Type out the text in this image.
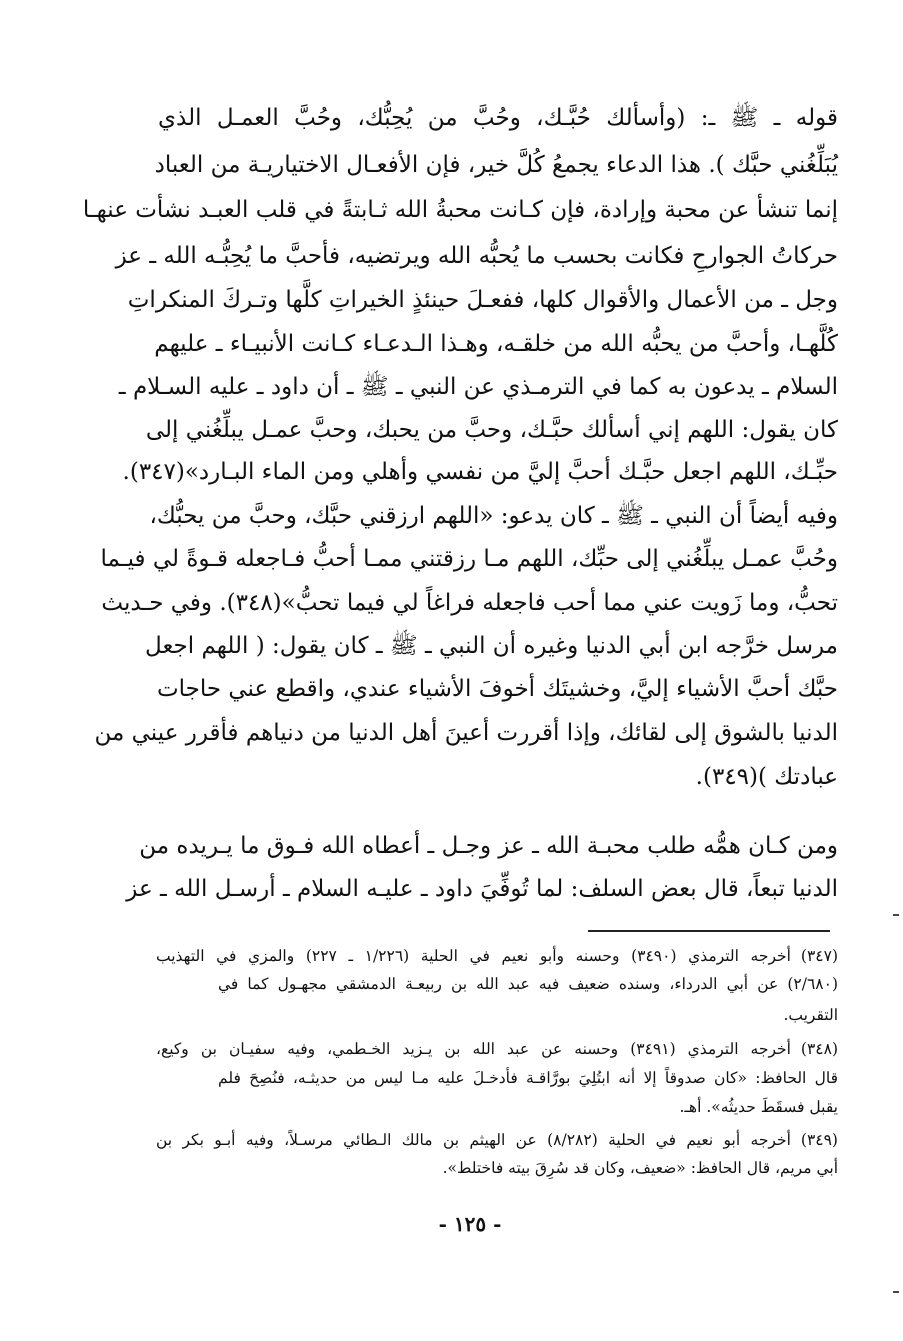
قوله ـ ﷺ ـ: (وأسألك حُبَّـك، وحُبَّ من يُحِبُّك، وحُبَّ العمـل الذي
يُبَلِّغُني حبَّك ). هذا الدعاء يجمعُ كُلَّ خير، فإن الأفعـال الاختياريـة من العباد
إنما تنشأ عن محبة وإرادة، فإن كـانت محبةُ الله ثـابتةً في قلب العبـد نشأت عنهـا
حركاتُ الجوارحِ فكانت بحسب ما يُحبُّه الله ويرتضيه، فأحبَّ ما يُحِبُّـه الله ـ عز
وجل ـ من الأعمال والأقوال كلها، ففعـلَ حينئذٍ الخيراتِ كلَّها وتـركَ المنكراتِ
كُلَّهـا، وأحبَّ من يحبُّه الله من خلقـه، وهـذا الـدعـاء كـانت الأنبيـاء ـ عليهم
السلام ـ يدعون به كما في الترمـذي عن النبي ـ ﷺ ـ أن داود ـ عليه السـلام ـ
كان يقول: اللهم إني أسألك حبَّـك، وحبَّ من يحبك، وحبَّ عمـل يبلِّغُني إلى
حبِّـك، اللهم اجعل حبَّـك أحبَّ إليَّ من نفسي وأهلي ومن الماء البـارد»(٣٤٧).
وفيه أيضاً أن النبي ـ ﷺ ـ كان يدعو: «اللهم ارزقني حبَّك، وحبَّ من يحبُّك،
وحُبَّ عمـل يبلِّغُني إلى حبِّك، اللهم مـا رزقتني ممـا أحبُّ فـاجعله قـوةً لي فيـما
تحبُّ، وما زَويت عني مما أحب فاجعله فراغاً لي فيما تحبُّ»(٣٤٨). وفي حـديث
مرسل خرَّجه ابن أبي الدنيا وغيره أن النبي ـ ﷺ ـ كان يقول: ( اللهم اجعل
حبَّك أحبَّ الأشياء إليَّ، وخشيتَك أخوفَ الأشياء عندي، واقطع عني حاجات
الدنيا بالشوق إلى لقائك، وإذا أقررت أعينَ أهل الدنيا من دنياهم فأقرر عيني من
عبادتك )(٣٤٩).
ومن كـان همُّه طلب محبـة الله ـ عز وجـل ـ أعطاه الله فـوق ما يـريده من
الدنيا تبعاً، قال بعض السلف: لما تُوفِّيَ داود ـ عليـه السلام ـ أرسـل الله ـ عز
(٣٤٧)أخرجه الترمذي (٣٤٩٠) وحسنه وأبو نعيم في الحلية (١/٢٢٦ ـ ٢٢٧) والمزي في التهذيب
(٢/٦٨٠) عن أبي الدرداء، وسنده ضعيف فيه عبد الله بن ربيعـة الدمشقي مجهـول كما في
التقريب.
(٣٤٨)أخرجه الترمذي (٣٤٩١) وحسنه عن عبد الله بن يـزيد الخـطمي، وفيه سفيـان بن وكيع،
قال الحافظ: «كان صدوقاً إلا أنه ابتُلِيَ بورَّاقـة فأدخـلَ عليه مـا ليس من حديثـه، فنُصِحَ فلم
يقبل فسقَطَ حديثُه». أهـ.
(٣٤٩)أخرجه أبو نعيم في الحلية (٨/٢٨٢) عن الهيثم بن مالك الـطائي مرسـلاً، وفيه أبـو بكر بن
أبي مريم، قال الحافظ: «ضعيف، وكان قد سُرِقَ بيته فاختلط».
- ١٢٥ -
